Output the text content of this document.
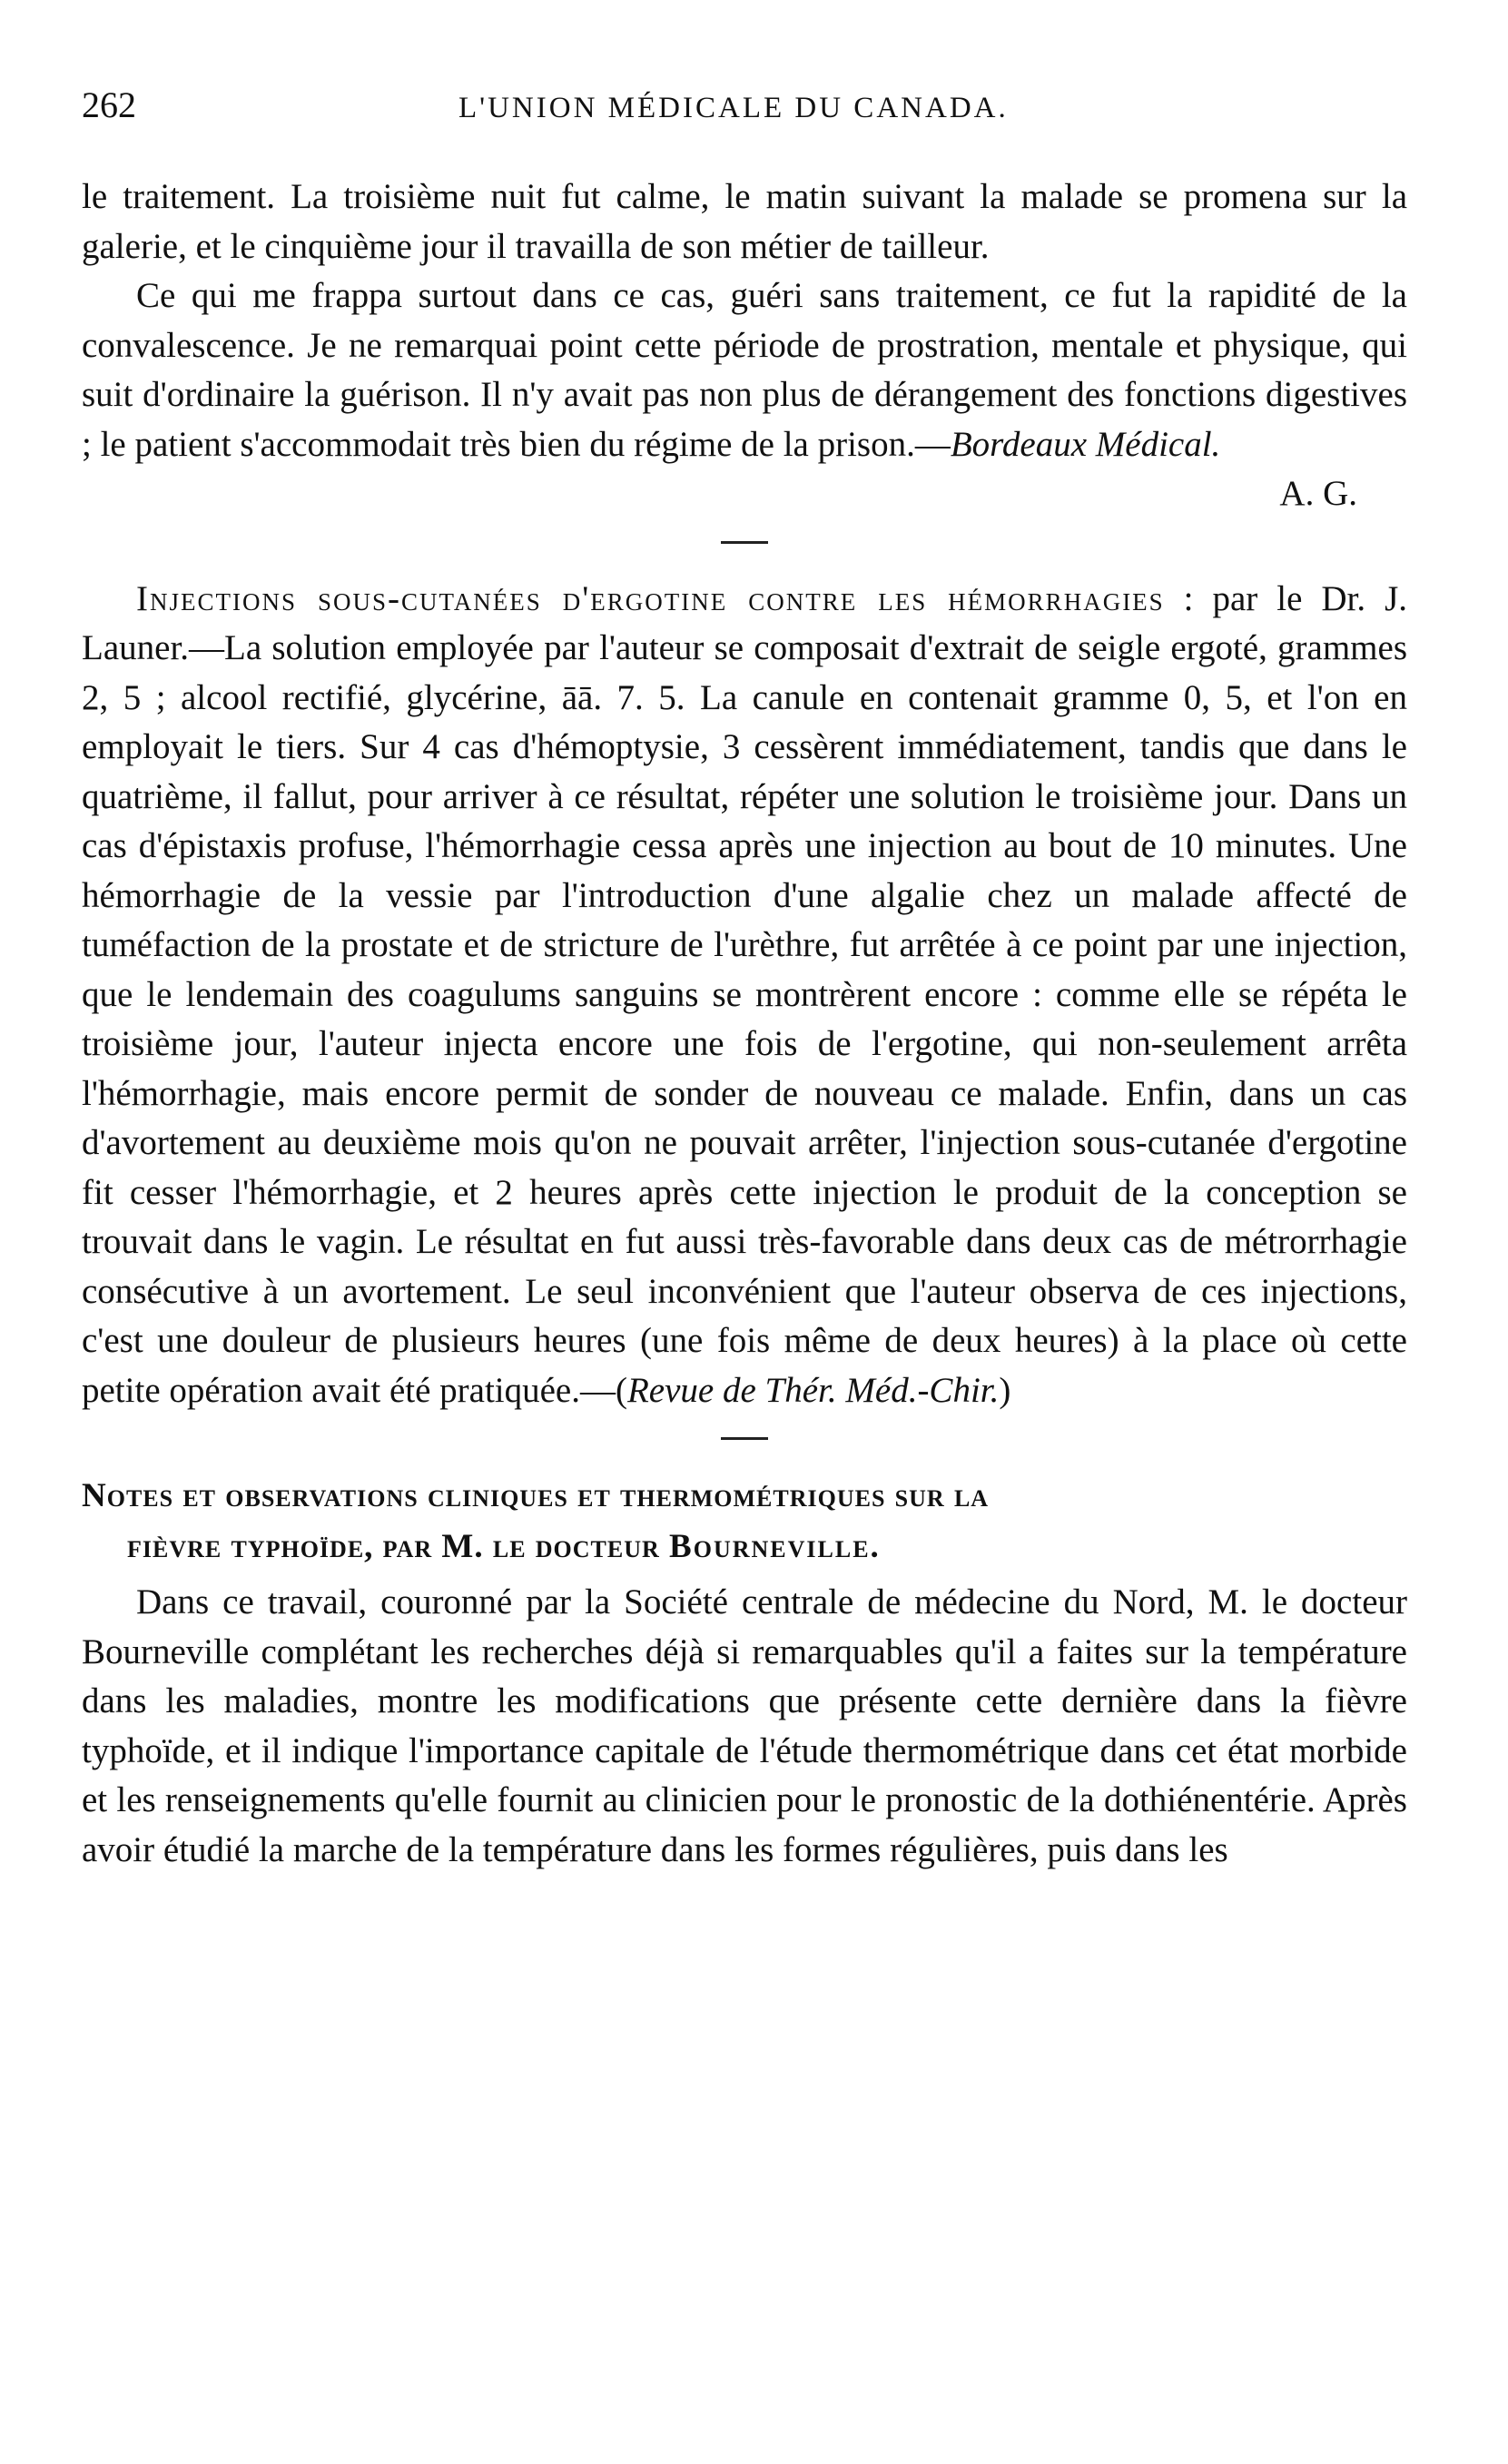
262	L'UNION MÉDICALE DU CANADA.

le traitement. La troisième nuit fut calme, le matin suivant la malade se promena sur la galerie, et le cinquième jour il travailla de son métier de tailleur.

Ce qui me frappa surtout dans ce cas, guéri sans traitement, ce fut la rapidité de la convalescence. Je ne remarquai point cette période de prostration, mentale et physique, qui suit d'ordinaire la guérison. Il n'y avait pas non plus de dérangement des fonctions digestives ; le patient s'accommodait très bien du régime de la prison.—Bordeaux Médical.

A. G.

Injections sous-cutanées d'ergotine contre les hémorrhagies : par le Dr. J. Launer.—La solution employée par l'auteur se composait d'extrait de seigle ergoté, grammes 2, 5 ; alcool rectifié, glycérine, āā. 7. 5. La canule en contenait gramme 0, 5, et l'on en employait le tiers. Sur 4 cas d'hémoptysie, 3 cessèrent immédiatement, tandis que dans le quatrième, il fallut, pour arriver à ce résultat, répéter une solution le troisième jour. Dans un cas d'épistaxis profuse, l'hémorrhagie cessa après une injection au bout de 10 minutes. Une hémorrhagie de la vessie par l'introduction d'une algalie chez un malade affecté de tuméfaction de la prostate et de stricture de l'urèthre, fut arrêtée à ce point par une injection, que le lendemain des coagulums sanguins se montrèrent encore : comme elle se répéta le troisième jour, l'auteur injecta encore une fois de l'ergotine, qui non-seulement arrêta l'hémorrhagie, mais encore permit de sonder de nouveau ce malade. Enfin, dans un cas d'avortement au deuxième mois qu'on ne pouvait arrêter, l'injection sous-cutanée d'ergotine fit cesser l'hémorrhagie, et 2 heures après cette injection le produit de la conception se trouvait dans le vagin. Le résultat en fut aussi très-favorable dans deux cas de métrorrhagie consécutive à un avortement. Le seul inconvénient que l'auteur observa de ces injections, c'est une douleur de plusieurs heures (une fois même de deux heures) à la place où cette petite opération avait été pratiquée.—(Revue de Thér. Méd.-Chir.)

Notes et observations cliniques et thermométriques sur la
fièvre typhoïde, par M. le docteur Bourneville.

Dans ce travail, couronné par la Société centrale de médecine du Nord, M. le docteur Bourneville complétant les recherches déjà si remarquables qu'il a faites sur la température dans les maladies, montre les modifications que présente cette dernière dans la fièvre typhoïde, et il indique l'importance capitale de l'étude thermométrique dans cet état morbide et les renseignements qu'elle fournit au clinicien pour le pronostic de la dothiénentérie. Après avoir étudié la marche de la température dans les formes régulières, puis dans les
